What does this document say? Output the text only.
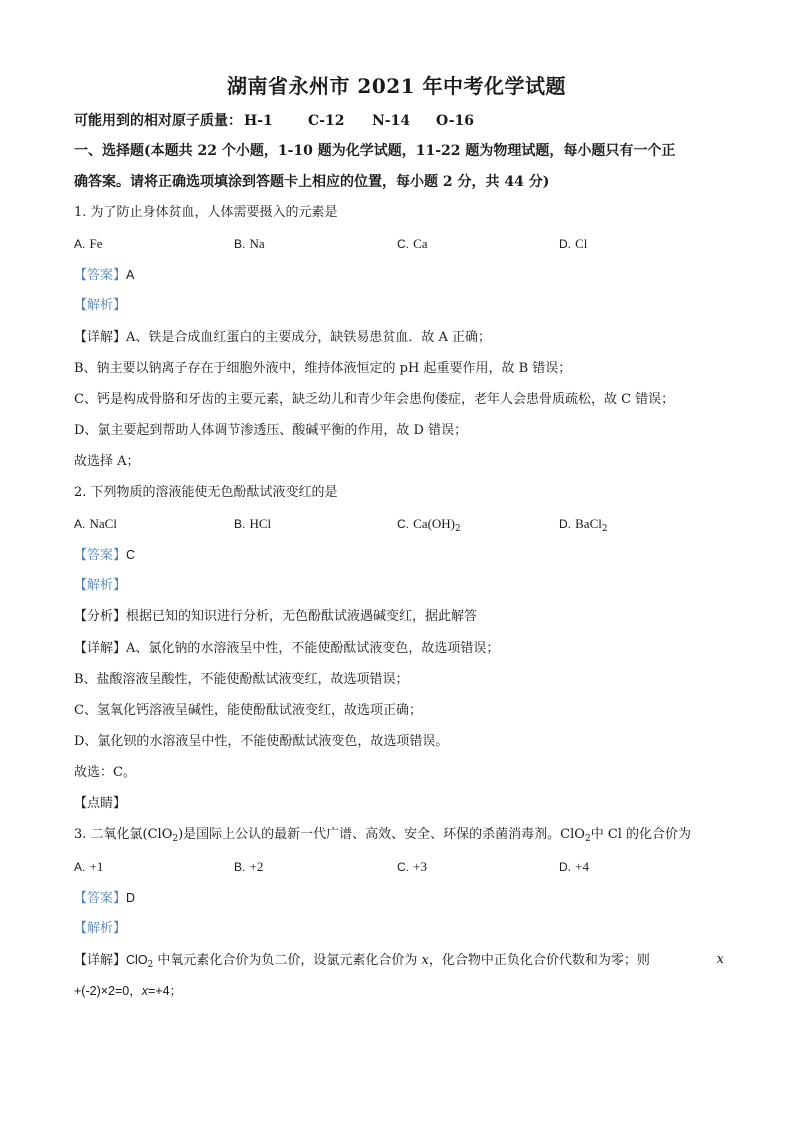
湖南省永州市 2021 年中考化学试题
可能用到的相对原子质量： H-1	C-12 N-14 O-16
一、选择题(本题共 22 个小题，1-10 题为化学试题，11-22 题为物理试题，每小题只有一个正
确答案。请将正确选项填涂到答题卡上相应的位置，每小题 2 分，共 44 分)
1. 为了防止身体贫血，人体需要摄入的元素是
A. Fe	B. Na	C. Ca	D. Cl
【答案】A
【解析】
【详解】A、铁是合成血红蛋白的主要成分，缺铁易患贫血．故 A 正确；
B、钠主要以钠离子存在于细胞外液中，维持体液恒定的 pH 起重要作用，故 B 错误；
C、钙是构成骨胳和牙齿的主要元素，缺乏幼儿和青少年会患佝偻症，老年人会患骨质疏松，故 C 错误；
D、氯主要起到帮助人体调节渗透压、酸碱平衡的作用，故 D 错误；
故选择 A；
2. 下列物质的溶液能使无色酚酞试液变红的是
A. NaCl	B. HCl	C. $Ca(OH)_2$	D. BaCl$_2$
【答案】C
【解析】
【分析】根据已知的知识进行分析，无色酚酞试液遇碱变红，据此解答
【详解】A、氯化钠的水溶液呈中性，不能使酚酞试液变色，故选项错误；
B、盐酸溶液呈酸性，不能使酚酞试液变红，故选项错误；
C、氢氧化钙溶液呈碱性，能使酚酞试液变红，故选项正确；
D、氯化钡的水溶液呈中性，不能使酚酞试液变色，故选项错误。
故选：C。
【点睛】
3. 二氧化氯(ClO$_2$)是国际上公认的最新一代广谱、高效、安全、环保的杀菌消毒剂。ClO$_2$中 Cl 的化合价为
A. +1	B. +2	C. +3	D. +4
【答案】D
【解析】
【详解】ClO$_2$ 中氧元素化合价为负二价，设氯元素化合价为 x，化合物中正负化合价代数和为零；则	x
+(-2)×2=0，x=+4；
